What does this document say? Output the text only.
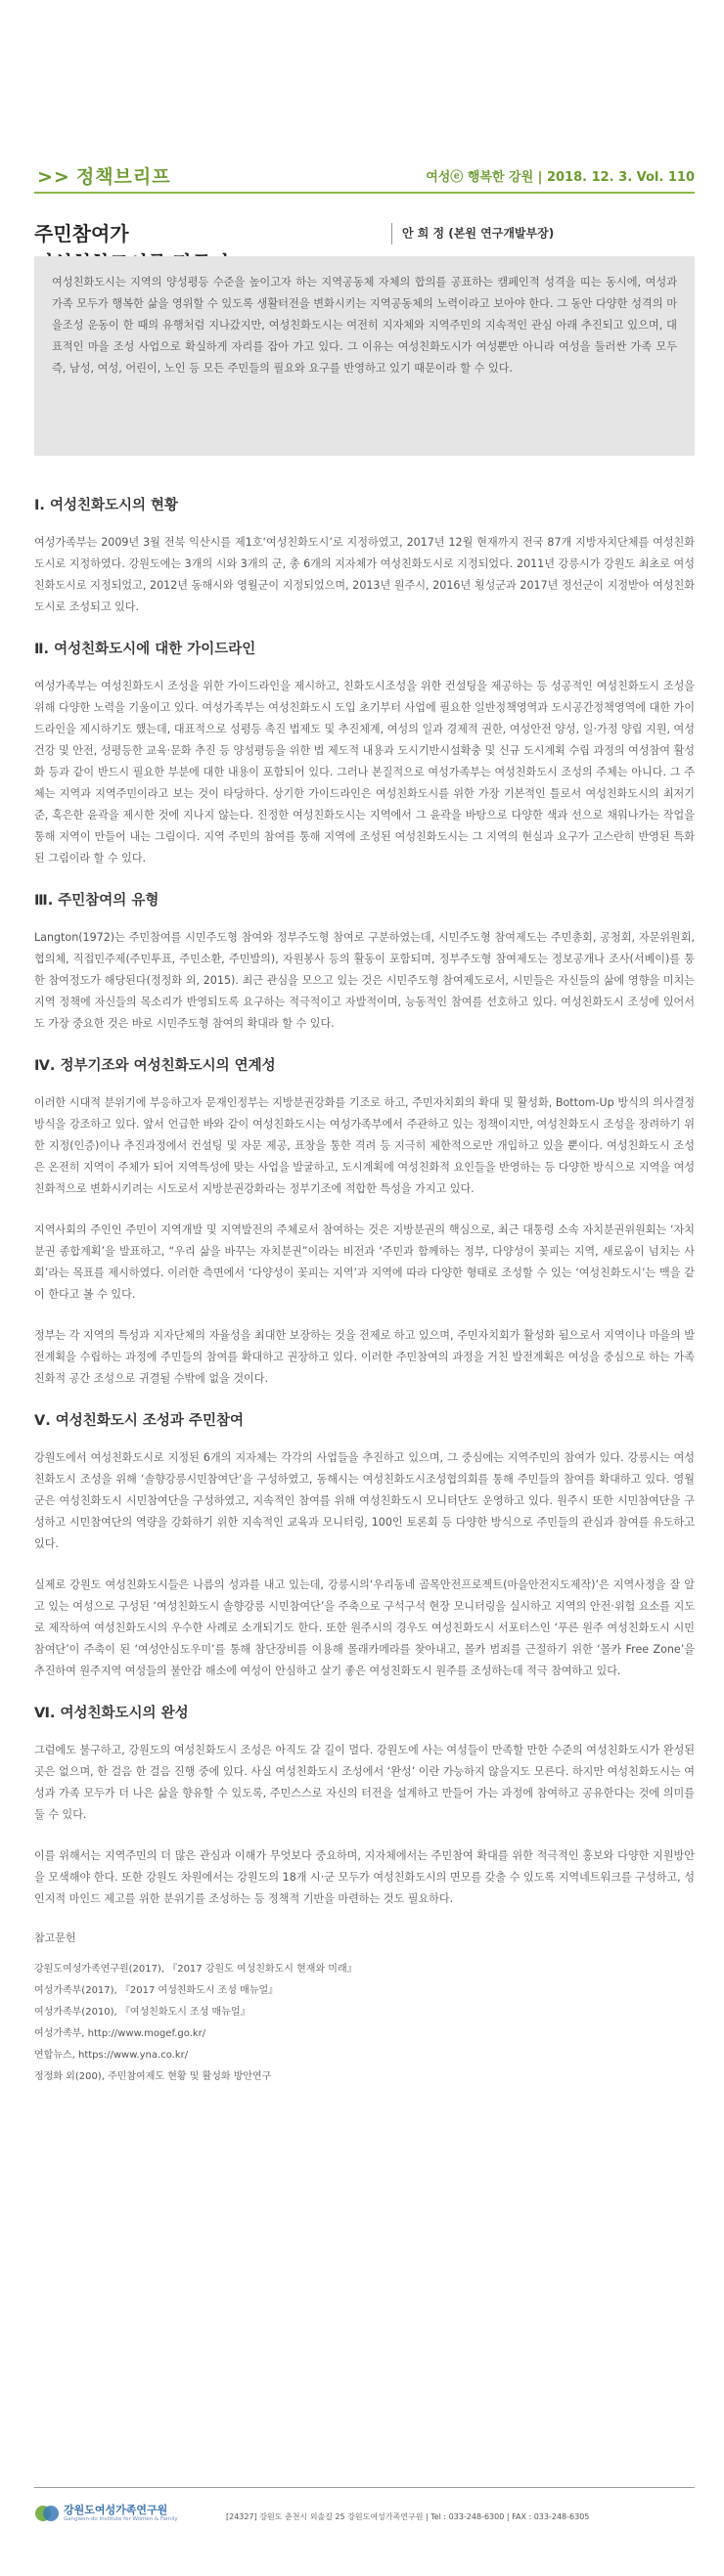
>> 정책브리프	여성ⓔ 행복한 강원 | 2018. 12. 3. Vol. 110
주민참여가	안 희 정 (본원 연구개발부장)
여성친화도시는 지역의 양성평등 수준을 높이고자 하는 지역공동체 자체의 합의를 공표하는 캠페인적 성격을 띠는 동시에, 여성과 가족 모두가 행복한 삶을 영위할 수 있도록 생활터전을 변화시키는 지역공동체의 노력이라고 보아야 한다. 그 동안 다양한 성격의 마을조성 운동이 한 때의 유행처럼 지나갔지만, 여성친화도시는 여전히 지자체와 지역주민의 지속적인 관심 아래 추진되고 있으며, 대표적인 마을 조성 사업으로 확실하게 자리를 잡아 가고 있다. 그 이유는 여성친화도시가 여성뿐만 아니라 여성을 둘러싼 가족 모두 즉, 남성, 여성, 어린이, 노인 등 모든 주민들의 필요와 요구를 반영하고 있기 때문이라 할 수 있다.
Ⅰ. 여성친화도시의 현황
여성가족부는 2009년 3월 전북 익산시를 제1호‘여성친화도시’로 지정하였고, 2017년 12월 현재까지 전국 87개 지방자치단체를 여성친화도시로 지정하였다. 강원도에는 3개의 시와 3개의 군, 총 6개의 지자체가 여성친화도시로 지정되었다. 2011년 강릉시가 강원도 최초로 여성친화도시로 지정되었고, 2012년 동해시와 영월군이 지정되었으며, 2013년 원주시, 2016년 횡성군과 2017년 정선군이 지정받아 여성친화도시로 조성되고 있다.
Ⅱ. 여성친화도시에 대한 가이드라인
여성가족부는 여성친화도시 조성을 위한 가이드라인을 제시하고, 친화도시조성을 위한 컨설팅을 제공하는 등 성공적인 여성친화도시 조성을 위해 다양한 노력을 기울이고 있다. 여성가족부는 여성친화도시 도입 초기부터 사업에 필요한 일반정책영역과 도시공간정책영역에 대한 가이드라인을 제시하기도 했는데, 대표적으로 성평등 촉진 법제도 및 추진체계, 여성의 일과 경제적 권한, 여성안전 양성, 일·가정 양립 지원, 여성건강 및 안전, 성평등한 교육·문화 추진 등 양성평등을 위한 법 제도적 내용과 도시기반시설확충 및 신규 도시계획 수립 과정의 여성참여 활성화 등과 같이 반드시 필요한 부분에 대한 내용이 포함되어 있다. 그러나 본질적으로 여성가족부는 여성친화도시 조성의 주체는 아니다. 그 주체는 지역과 지역주민이라고 보는 것이 타당하다. 상기한 가이드라인은 여성친화도시를 위한 가장 기본적인 틀로서 여성친화도시의 최저기준, 혹은한 윤곽을 제시한 것에 지나지 않는다. 진정한 여성친화도시는 지역에서 그 윤곽을 바탕으로 다양한 색과 선으로 채워나가는 작업을 통해 지역이 만들어 내는 그림이다. 지역 주민의 참여를 통해 지역에 조성된 여성친화도시는 그 지역의 현실과 요구가 고스란히 반영된 특화된 그림이라 할 수 있다.
Ⅲ. 주민참여의 유형
Langton(1972)는 주민참여를 시민주도형 참여와 정부주도형 참여로 구분하였는데, 시민주도형 참여제도는 주민총회, 공청회, 자문위원회, 협의체, 직접민주제(주민투표, 주민소환, 주민발의), 자원봉사 등의 활동이 포함되며, 정부주도형 참여제도는 정보공개나 조사(서베이)를 통한 참여정도가 해당된다(정정화 외, 2015). 최근 관심을 모으고 있는 것은 시민주도형 참여제도로서, 시민들은 자신들의 삶에 영향을 미치는 지역 정책에 자신들의 목소리가 반영되도록 요구하는 적극적이고 자발적이며, 능동적인 참여를 선호하고 있다. 여성친화도시 조성에 있어서도 가장 중요한 것은 바로 시민주도형 참여의 확대라 할 수 있다.
Ⅳ. 정부기조와 여성친화도시의 연계성
이러한 시대적 분위기에 부응하고자 문재인정부는 지방분권강화를 기조로 하고, 주민자치회의 확대 및 활성화, Bottom-Up 방식의 의사결정방식을 강조하고 있다. 앞서 언급한 바와 같이 여성친화도시는 여성가족부에서 주관하고 있는 정책이지만, 여성친화도시 조성을 장려하기 위한 지정(인증)이나 추진과정에서 컨설팅 및 자문 제공, 표창을 통한 격려 등 지극히 제한적으로만 개입하고 있을 뿐이다. 여성친화도시 조성은 온전히 지역이 주체가 되어 지역특성에 맞는 사업을 발굴하고, 도시계획에 여성친화적 요인들을 반영하는 등 다양한 방식으로 지역을 여성친화적으로 변화시키려는 시도로서 지방분권강화라는 정부기조에 적합한 특성을 가지고 있다.
지역사회의 주인인 주민이 지역개발 및 지역발전의 주체로서 참여하는 것은 지방분권의 핵심으로, 최근 대통령 소속 자치분권위원회는 ‘자치분권 종합계획’을 발표하고, “우리 삶을 바꾸는 자치분권”이라는 비전과 ‘주민과 함께하는 정부, 다양성이 꽃피는 지역, 새로움이 넘치는 사회’라는 목표를 제시하였다. 이러한 측면에서 ‘다양성이 꽃피는 지역’과 지역에 따라 다양한 형태로 조성할 수 있는 ‘여성친화도시’는 맥을 같이 한다고 볼 수 있다.
정부는 각 지역의 특성과 지자단체의 자율성을 최대한 보장하는 것을 전제로 하고 있으며, 주민자치회가 활성화 됨으로서 지역이나 마을의 발전계획을 수립하는 과정에 주민들의 참여를 확대하고 권장하고 있다. 이러한 주민참여의 과정을 거친 발전계획은 여성을 중심으로 하는 가족 친화적 공간 조성으로 귀결될 수밖에 없을 것이다.
Ⅴ. 여성친화도시 조성과 주민참여
강원도에서 여성친화도시로 지정된 6개의 지자체는 각각의 사업들을 추진하고 있으며, 그 중심에는 지역주민의 참여가 있다. 강릉시는 여성친화도시 조성을 위해 ‘솔향강릉시민참여단’을 구성하였고, 동해시는 여성친화도시조성협의회를 통해 주민들의 참여를 확대하고 있다. 영월군은 여성친화도시 시민참여단을 구성하였고, 지속적인 참여를 위해 여성친화도시 모니터단도 운영하고 있다. 원주시 또한 시민참여단을 구성하고 시민참여단의 역량을 강화하기 위한 지속적인 교육과 모니터링, 100인 토론회 등 다양한 방식으로 주민들의 관심과 참여를 유도하고 있다.
실제로 강원도 여성친화도시들은 나름의 성과를 내고 있는데, 강릉시의‘우리동네 골목안전프로젝트(마을안전지도제작)’은 지역사정을 잘 알고 있는 여성으로 구성된 ‘여성친화도시 솔향강릉 시민참여단’을 주축으로 구석구석 현장 모니터링을 실시하고 지역의 안전·위험 요소를 지도로 제작하여 여성친화도시의 우수한 사례로 소개되기도 한다. 또한 원주시의 경우도 여성친화도시 서포터스인 ‘푸른 원주 여성친화도시 시민참여단’이 주축이 된 ‘여성안심도우미’를 통해 참단장비를 이용해 몰래카메라를 찾아내고, 몰카 범죄를 근절하기 위한 ‘몰카 Free Zone’을 추진하여 원주지역 여성들의 불안감 해소에 여성이 안심하고 살기 좋은 여성친화도시 원주를 조성하는데 적극 참여하고 있다.
Ⅵ. 여성친화도시의 완성
그럼에도 불구하고, 강원도의 여성친화도시 조성은 아직도 갈 길이 멀다. 강원도에 사는 여성들이 만족할 만한 수준의 여성친화도시가 완성된 곳은 없으며, 한 걸음 한 걸음 진행 중에 있다. 사실 여성친화도시 조성에서 ‘완성’ 이란 가능하지 않을지도 모른다. 하지만 여성친화도시는 여성과 가족 모두가 더 나은 삶을 향유할 수 있도록, 주민스스로 자신의 터전을 설계하고 만들어 가는 과정에 참여하고 공유한다는 것에 의미를 둘 수 있다.
이를 위해서는 지역주민의 더 많은 관심과 이해가 무엇보다 중요하며, 지자체에서는 주민참여 확대를 위한 적극적인 홍보와 다양한 지원방안을 모색해야 한다. 또한 강원도 차원에서는 강원도의 18개 시·군 모두가 여성친화도시의 면모를 갖출 수 있도록 지역네트워크를 구성하고, 성인지적 마인드 제고를 위한 분위기를 조성하는 등 정책적 기반을 마련하는 것도 필요하다.
참고문헌
강원도여성가족연구원(2017), 『2017 강원도 여성친화도시 현재와 미래』
여성가족부(2017), 『2017 여성친화도시 조성 매뉴얼』
여성가족부(2010), 『여성친화도시 조성 매뉴얼』
여성가족부, http://www.mogef.go.kr/
연합뉴스, https://www.yna.co.kr/
정정화 외(200), 주민참여제도 현황 및 활성화 방안연구
강원도여성가족연구원
Gangwon-do Institute for Women & Family	[24327] 강원도 춘천시 외솔길 25 강원도여성가족연구원 | Tel : 033-248-6300 | FAX : 033-248-6305
